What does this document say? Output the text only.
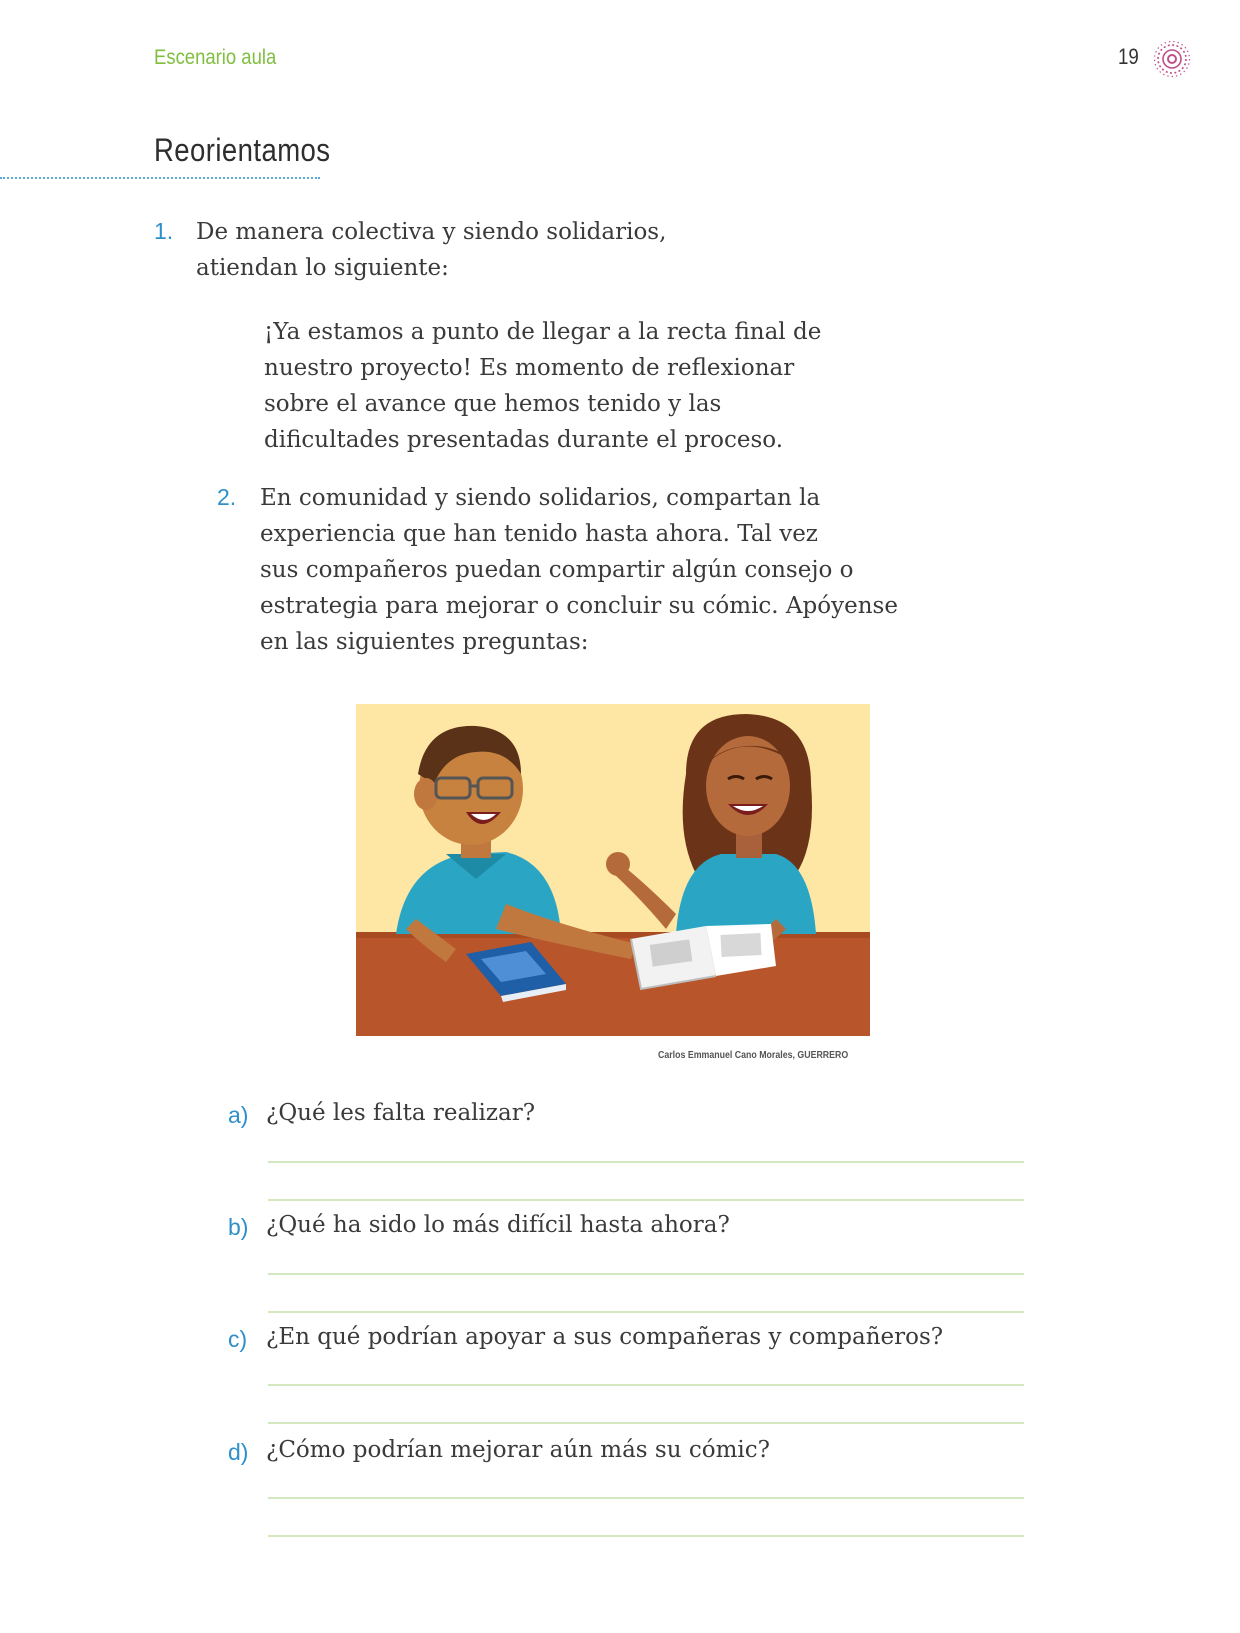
Escenario aula	19
Reorientamos
1. De manera colectiva y siendo solidarios,
atiendan lo siguiente:

¡Ya estamos a punto de llegar a la recta final de
nuestro proyecto! Es momento de reflexionar
sobre el avance que hemos tenido y las
dificultades presentadas durante el proceso.

2. En comunidad y siendo solidarios, compartan la
experiencia que han tenido hasta ahora. Tal vez
sus compañeros puedan compartir algún consejo o
estrategia para mejorar o concluir su cómic. Apóyense
en las siguientes preguntas:

Carlos Emmanuel Cano Morales, GUERRERO
a) ¿Qué les falta realizar?
b) ¿Qué ha sido lo más difícil hasta ahora?
c) ¿En qué podrían apoyar a sus compañeras y compañeros?
d) ¿Cómo podrían mejorar aún más su cómic?
